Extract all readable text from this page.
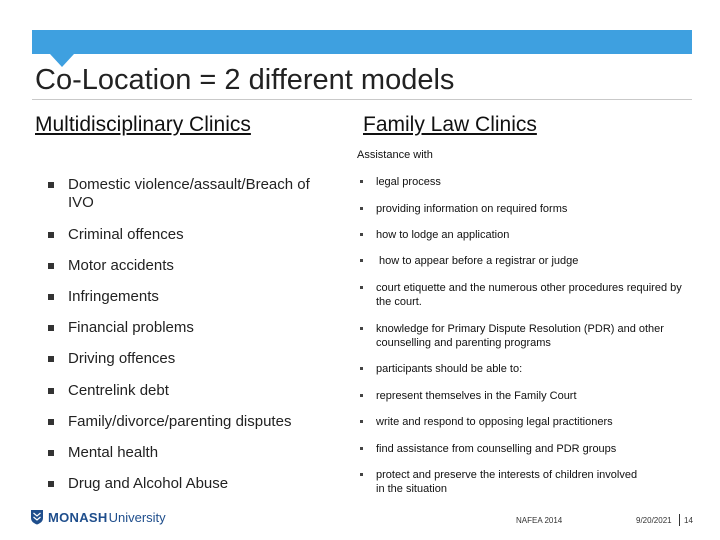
Co-Location = 2 different models
Multidisciplinary Clinics	Family Law Clinics
Domestic violence/assault/Breach of IVO
Criminal offences
Motor accidents
Infringements
Financial problems
Driving offences
Centrelink debt
Family/divorce/parenting disputes
Mental health
Drug and Alcohol Abuse
Assistance with
legal process
providing information on required forms
how to lodge an application
how to appear before a registrar or judge
court etiquette and the numerous other procedures required by the court.
knowledge for Primary Dispute Resolution (PDR) and other counselling and parenting programs
participants should be able to:
represent themselves in the Family Court
write and respond to opposing legal practitioners
find assistance from counselling and PDR groups
protect and preserve the interests of children involved in the situation
MONASH University	NAFEA 2014	9/20/2021 14
